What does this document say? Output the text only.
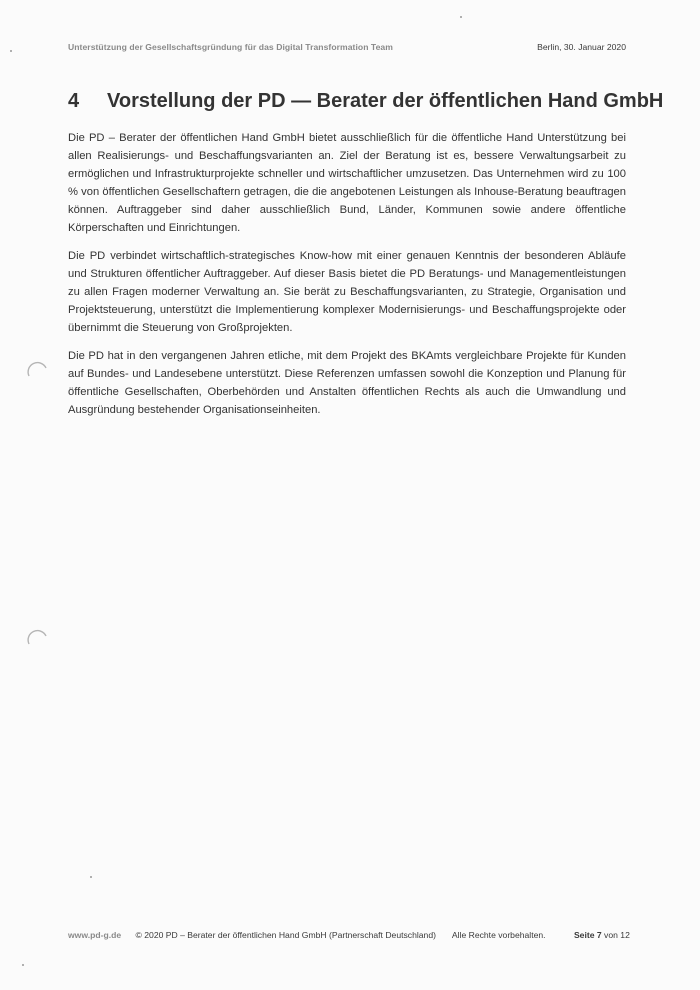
Unterstützung der Gesellschaftsgründung für das Digital Transformation Team	Berlin, 30. Januar 2020
4 Vorstellung der PD — Berater der öffentlichen Hand GmbH

Die PD – Berater der öffentlichen Hand GmbH bietet ausschließlich für die öffentliche Hand Unterstützung bei allen Realisierungs- und Beschaffungsvarianten an. Ziel der Beratung ist es, bessere Verwaltungsarbeit zu ermöglichen und Infrastrukturprojekte schneller und wirtschaftlicher umzusetzen. Das Unternehmen wird zu 100 % von öffentlichen Gesellschaftern getragen, die die angebotenen Leistungen als Inhouse-Beratung beauftragen können. Auftraggeber sind daher ausschließlich Bund, Länder, Kommunen sowie andere öffentliche Körperschaften und Einrichtungen.

Die PD verbindet wirtschaftlich-strategisches Know-how mit einer genauen Kenntnis der besonderen Abläufe und Strukturen öffentlicher Auftraggeber. Auf dieser Basis bietet die PD Beratungs- und Managementleistungen zu allen Fragen moderner Verwaltung an. Sie berät zu Beschaffungsvarianten, zu Strategie, Organisation und Projektsteuerung, unterstützt die Implementierung komplexer Modernisierungs- und Beschaffungsprojekte oder übernimmt die Steuerung von Großprojekten.

Die PD hat in den vergangenen Jahren etliche, mit dem Projekt des BKAmts vergleichbare Projekte für Kunden auf Bundes- und Landesebene unterstützt. Diese Referenzen umfassen sowohl die Konzeption und Planung für öffentliche Gesellschaften, Oberbehörden und Anstalten öffentlichen Rechts als auch die Umwandlung und Ausgründung bestehender Organisationseinheiten.

www.pd-g.de © 2020 PD – Berater der öffentlichen Hand GmbH (Partnerschaft Deutschland) Alle Rechte vorbehalten.	Seite 7 von 12
